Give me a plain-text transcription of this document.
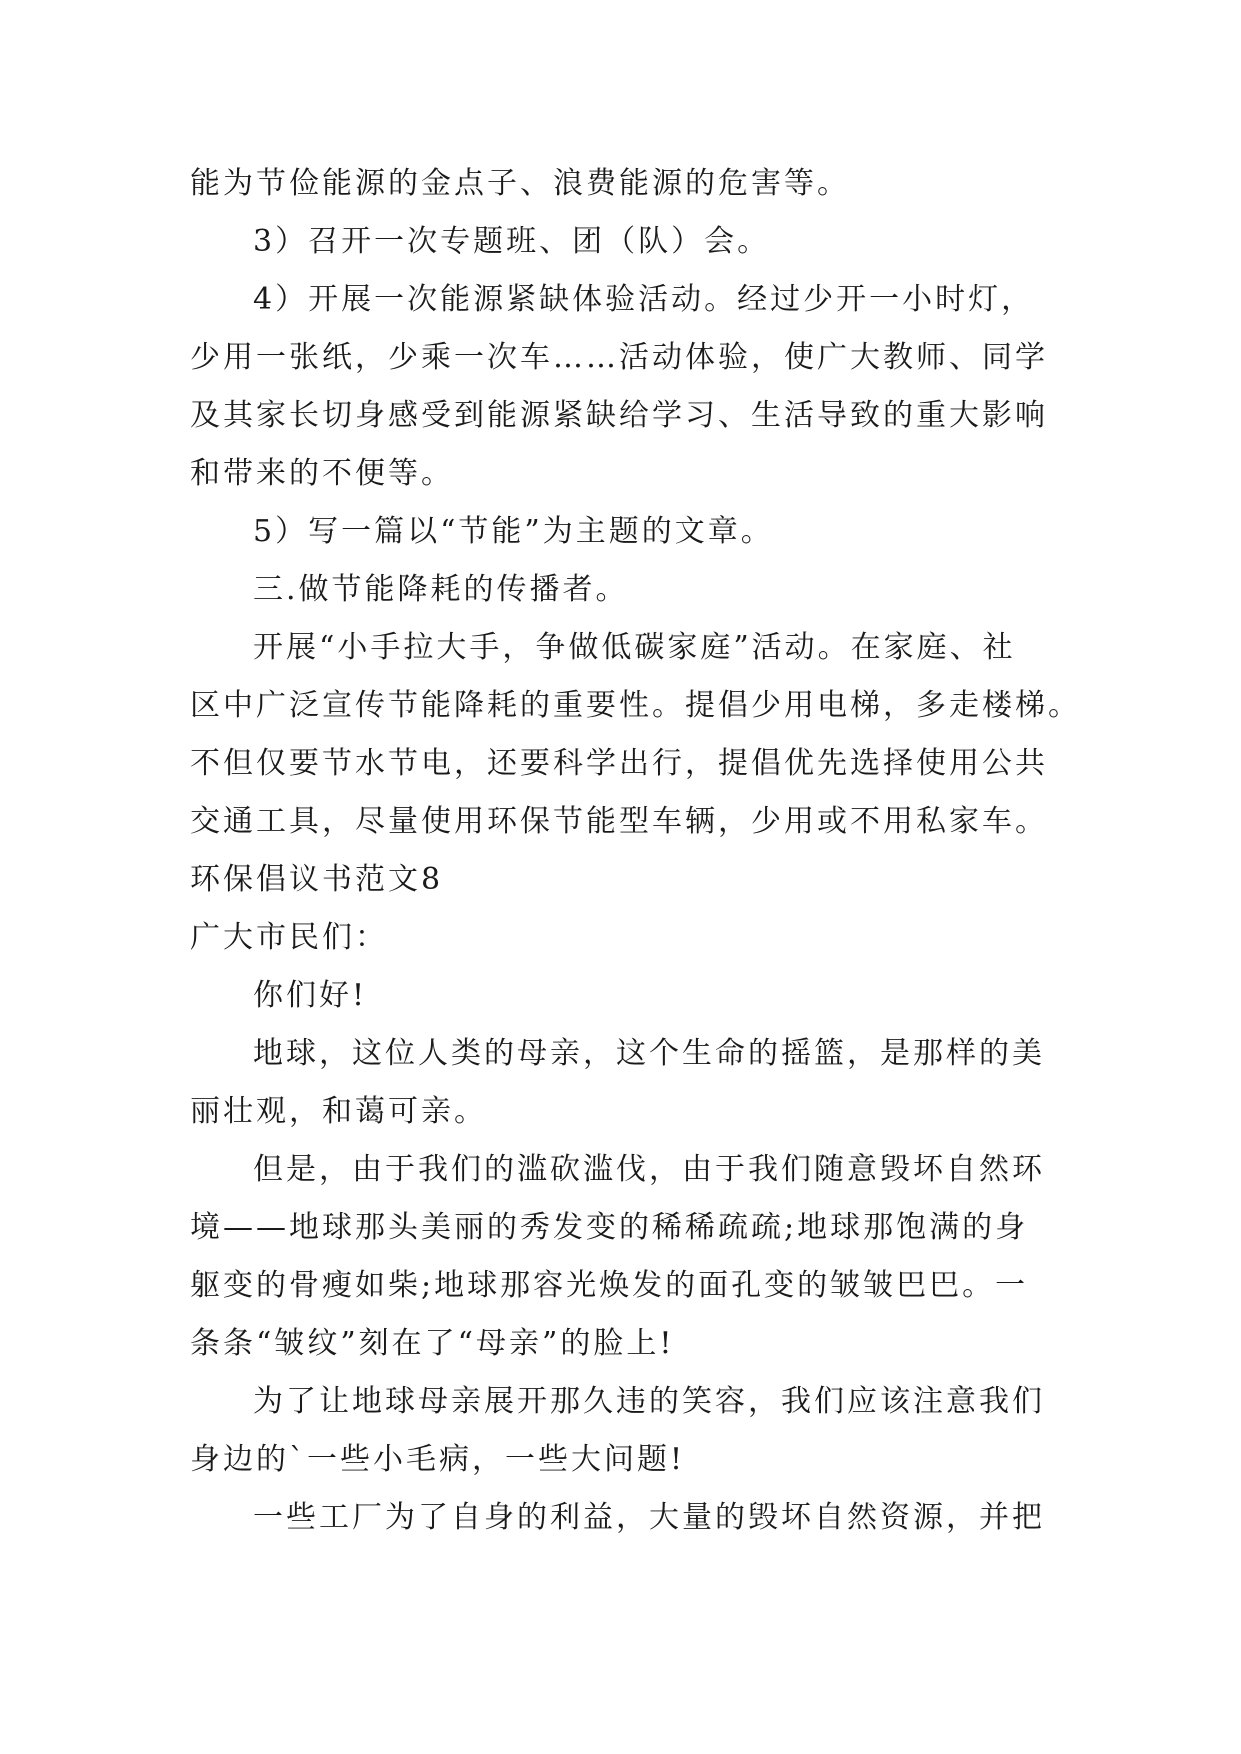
能为节俭能源的金点子、浪费能源的危害等。
3）召开一次专题班、团（队）会。
4）开展一次能源紧缺体验活动。经过少开一小时灯，
少用一张纸，少乘一次车……活动体验，使广大教师、同学
及其家长切身感受到能源紧缺给学习、生活导致的重大影响
和带来的不便等。
5）写一篇以“节能”为主题的文章。
三.做节能降耗的传播者。
开展“小手拉大手，争做低碳家庭”活动。在家庭、社
区中广泛宣传节能降耗的重要性。提倡少用电梯，多走楼梯。
不但仅要节水节电，还要科学出行，提倡优先选择使用公共
交通工具，尽量使用环保节能型车辆，少用或不用私家车。
环保倡议书范文8
广大市民们：
你们好!
地球，这位人类的母亲，这个生命的摇篮，是那样的美
丽壮观，和蔼可亲。
但是，由于我们的滥砍滥伐，由于我们随意毁坏自然环
境——地球那头美丽的秀发变的稀稀疏疏;地球那饱满的身
躯变的骨瘦如柴;地球那容光焕发的面孔变的皱皱巴巴。一
条条“皱纹”刻在了“母亲”的脸上!
为了让地球母亲展开那久违的笑容，我们应该注意我们
身边的`一些小毛病，一些大问题!
一些工厂为了自身的利益，大量的毁坏自然资源，并把
